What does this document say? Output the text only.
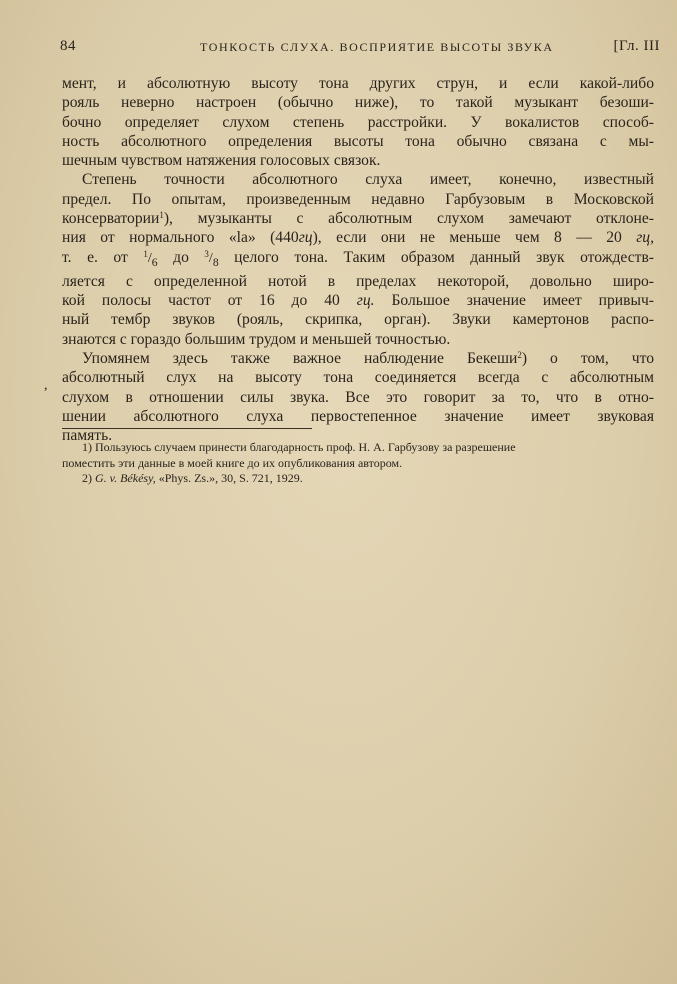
84	ТОНКОСТЬ СЛУХА. ВОСПРИЯТИЕ ВЫСОТЫ ЗВУКА	[Гл. III
мент, и абсолютную высоту тона других струн, и если какой-либо
рояль неверно настроен (обычно ниже), то такой музыкант безоши-
бочно определяет слухом степень расстройки. У вокалистов способ-
ность абсолютного определения высоты тона обычно связана с мы-
шечным чувством натяжения голосовых связок.
Степень точности абсолютного слуха имеет, конечно, известный
предел. По опытам, произведенным недавно Гарбузовым в Московской
консерватории$^1$), музыканты с абсолютным слухом замечают отклоне-
ния от нормального «la» (440гц), если они не меньше чем 8 — 20 гц,
т. е. от $^1/_6$ до $^3/_8$ целого тона. Таким образом данный звук отождеств-
ляется с определенной нотой в пределах некоторой, довольно широ-
кой полосы частот от 16 до 40 гц. Большое значение имеет привыч-
ный тембр звуков (рояль, скрипка, орган). Звуки камертонов распо-
знаются с гораздо большим трудом и меньшей точностью.
Упомянем здесь также важное наблюдение Бекеши$^2$) о том, что
абсолютный слух на высоту тона соединяется всегда с абсолютным
слухом в отношении силы звука. Все это говорит за то, что в отно-
шении абсолютного слуха первостепенное значение имеет звуковая
память.
,
1) Пользуюсь случаем принести благодарность проф. Н. А. Гарбузову за разрешение
поместить эти данные в моей книге до их опубликования автором.
2) G. v. Békésy, «Phys. Zs.», 30, S. 721, 1929.
